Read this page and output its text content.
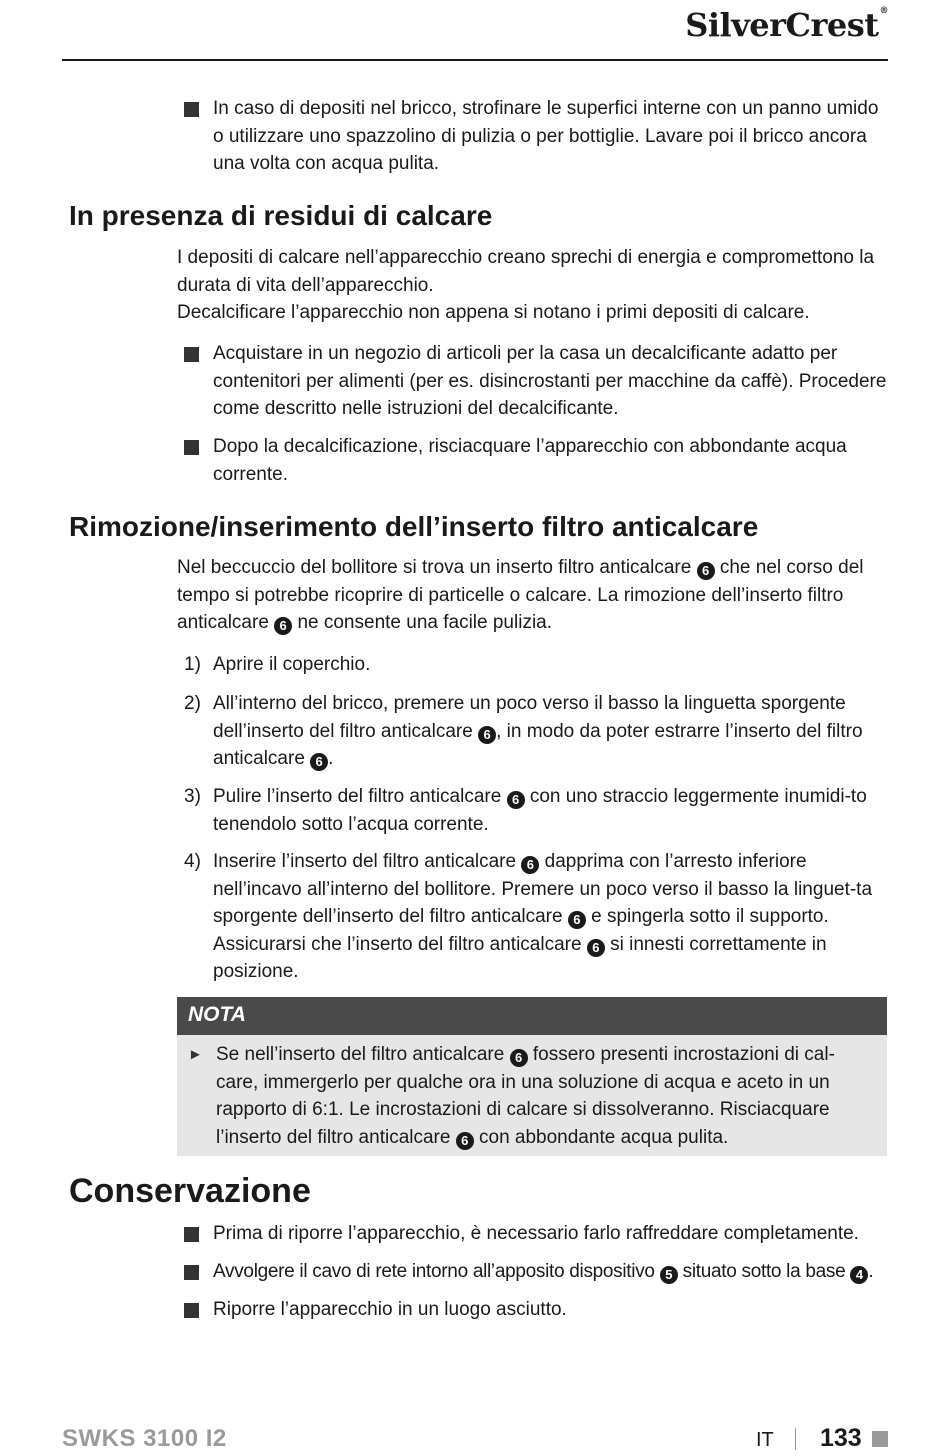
SilverCrest®
In caso di depositi nel bricco, strofinare le superfici interne con un panno umido o utilizzare uno spazzolino di pulizia o per bottiglie. Lavare poi il bricco ancora una volta con acqua pulita.
In presenza di residui di calcare
I depositi di calcare nell’apparecchio creano sprechi di energia e compromettono la durata di vita dell’apparecchio.
Decalcificare l’apparecchio non appena si notano i primi depositi di calcare.
Acquistare in un negozio di articoli per la casa un decalcificante adatto per contenitori per alimenti (per es. disincrostanti per macchine da caffè). Procedere come descritto nelle istruzioni del decalcificante.
Dopo la decalcificazione, risciacquare l’apparecchio con abbondante acqua corrente.
Rimozione/inserimento dell’inserto filtro anticalcare
Nel beccuccio del bollitore si trova un inserto filtro anticalcare 6 che nel corso del tempo si potrebbe ricoprire di particelle o calcare. La rimozione dell’inserto filtro anticalcare 6 ne consente una facile pulizia.
1) Aprire il coperchio.
2) All’interno del bricco, premere un poco verso il basso la linguetta sporgente dell’inserto del filtro anticalcare 6 , in modo da poter estrarre l’inserto del filtro anticalcare 6 .
3) Pulire l’inserto del filtro anticalcare 6 con uno straccio leggermente inumidi-to tenendolo sotto l’acqua corrente.
4) Inserire l’inserto del filtro anticalcare 6 dapprima con l’arresto inferiore nell’incavo all’interno del bollitore. Premere un poco verso il basso la linguet-ta sporgente dell’inserto del filtro anticalcare 6 e spingerla sotto il supporto. Assicurarsi che l’inserto del filtro anticalcare 6 si innesti correttamente in posizione.
NOTA
► Se nell’inserto del filtro anticalcare 6 fossero presenti incrostazioni di cal-care, immergerlo per qualche ora in una soluzione di acqua e aceto in un rapporto di 6:1. Le incrostazioni di calcare si dissolveranno. Risciacquare l’inserto del filtro anticalcare 6 con abbondante acqua pulita.
Conservazione
Prima di riporre l’apparecchio, è necessario farlo raffreddare completamente.
Avvolgere il cavo di rete intorno all’apposito dispositivo 5 situato sotto la base 4 .
Riporre l’apparecchio in un luogo asciutto.
SWKS 3100 I2	IT 133
